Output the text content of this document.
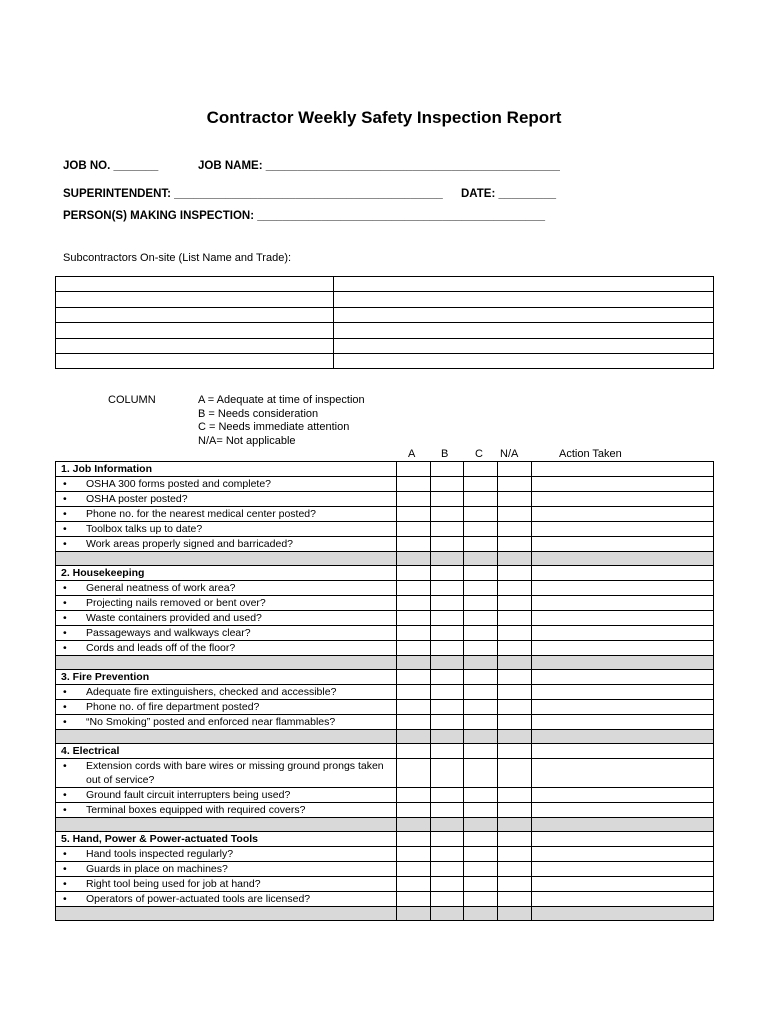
Contractor Weekly Safety Inspection Report
JOB NO. _______	JOB NAME: ______________________________________________
SUPERINTENDENT: __________________________________________ DATE: _________
PERSON(S) MAKING INSPECTION: _____________________________________________
Subcontractors On-site (List Name and Trade):

COLUMN	A = Adequate at time of inspection
B = Needs consideration
C = Needs immediate attention
N/A= Not applicable
A B C N/A	Action Taken
1. Job Information					

• OSHA 300 forms posted and complete?					

• OSHA poster posted?					

• Phone no. for the nearest medical center posted?					

• Toolbox talks up to date?					

• Work areas properly signed and barricaded?					

2. Housekeeping					

• General neatness of work area?					

• Projecting nails removed or bent over?					

• Waste containers provided and used?					

• Passageways and walkways clear?					

• Cords and leads off of the floor?					

3. Fire Prevention					

• Adequate fire extinguishers, checked and accessible?					

• Phone no. of fire department posted?					

• “No Smoking” posted and enforced near flammables?					

4. Electrical					

• Extension cords with bare wires or missing ground prongs taken out of service?					

• Ground fault circuit interrupters being used?					

• Terminal boxes equipped with required covers?					

5. Hand, Power & Power-actuated Tools					

• Hand tools inspected regularly?					

• Guards in place on machines?					

• Right tool being used for job at hand?					

• Operators of power-actuated tools are licensed?					
